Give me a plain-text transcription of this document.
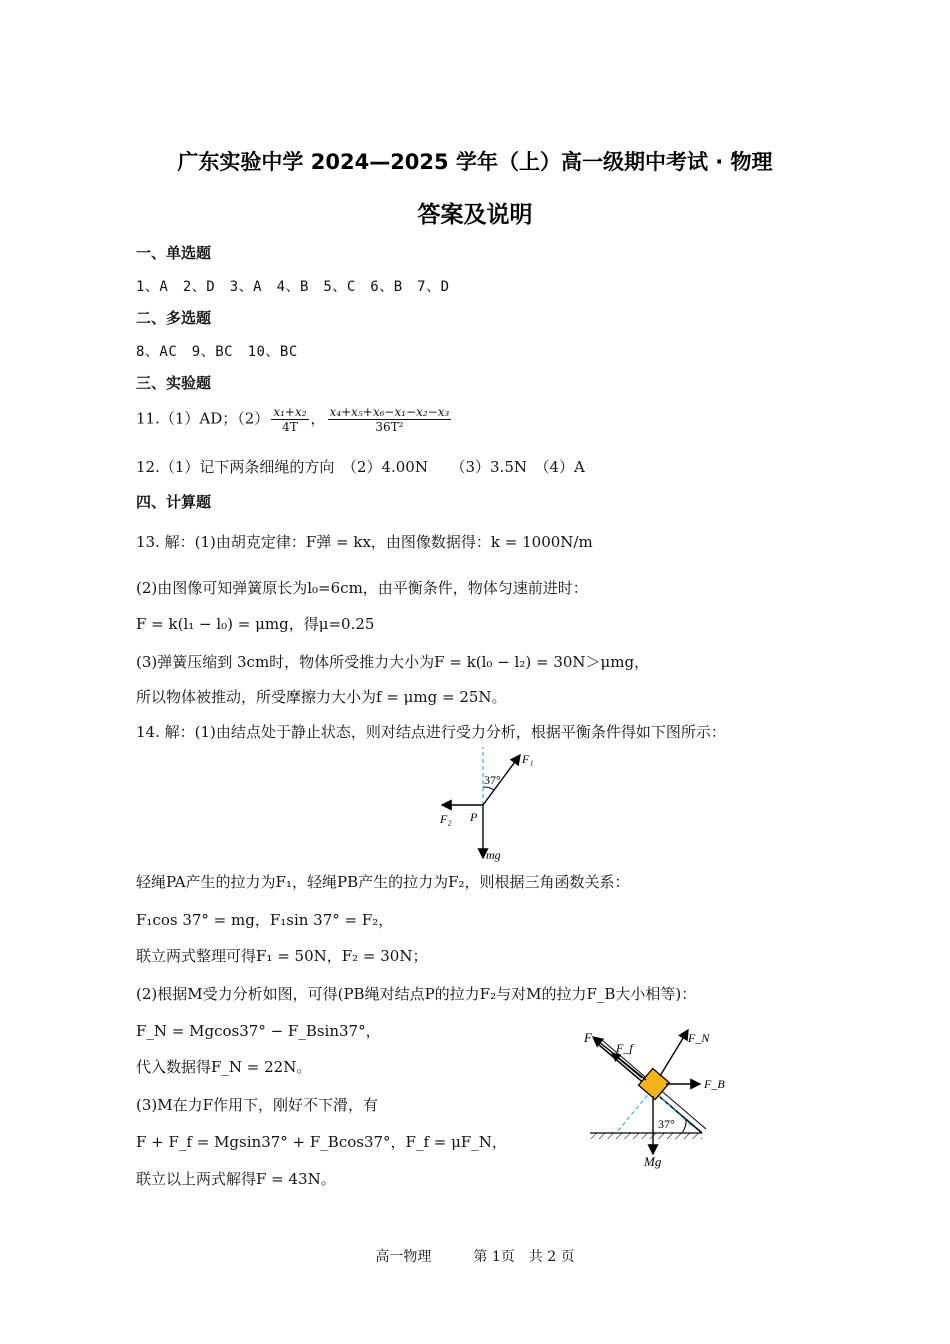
广东实验中学 2024—2025 学年（上）高一级期中考试 · 物理
答案及说明
一、单选题
1、A　2、D　3、A　4、B　5、C　6、B　7、D
二、多选题
8、AC　9、BC　10、BC
三、实验题
11.（1）AD；$(2) \frac{\text{x₁+x₂}}{4T}$ ， $\frac{\text{x₄+x₅+x₆−x₁−x₂−x₃}}{\text{36T²}}$
12.（1）记下两条细绳的方向　（2）4.00N　　（3）3.5N　（4）A
四、计算题
13. 解：(1)由胡克定律：F弹 = kx，由图像数据得：k = 1000N/m
(2)由图像可知弹簧原长为l₀=6cm，由平衡条件，物体匀速前进时：
F = k(l₁ − l₀) = μmg，得μ=0.25
(3)弹簧压缩到 3cm时，物体所受推力大小为F = k(l₀ − l₂) = 30N＞μmg，
所以物体被推动，所受摩擦力大小为f = μmg = 25N。
14. 解：(1)由结点处于静止状态，则对结点进行受力分析，根据平衡条件得如下图所示：
37°
F₁
F₂ P
mg
轻绳PA产生的拉力为F₁，轻绳PB产生的拉力为F₂，则根据三角函数关系：
F₁cos 37° = mg，F₁sin 37° = F₂，
联立两式整理可得F₁ = 50N，F₂ = 30N；
(2)根据M受力分析如图，可得(PB绳对结点P的拉力F₂与对M的拉力F_B大小相等)：
F_N = Mgcos37° − F_Bsin37°，
代入数据得F_N = 22N。
(3)M在力F作用下，刚好不下滑，有
F + F_f = Mgsin37° + F_Bcos37°，F_f = μF_N，
联立以上两式解得F = 43N。
F
F_f
F_N
F_B
37°
Mg
高一物理　　　第 1页　共 2 页
